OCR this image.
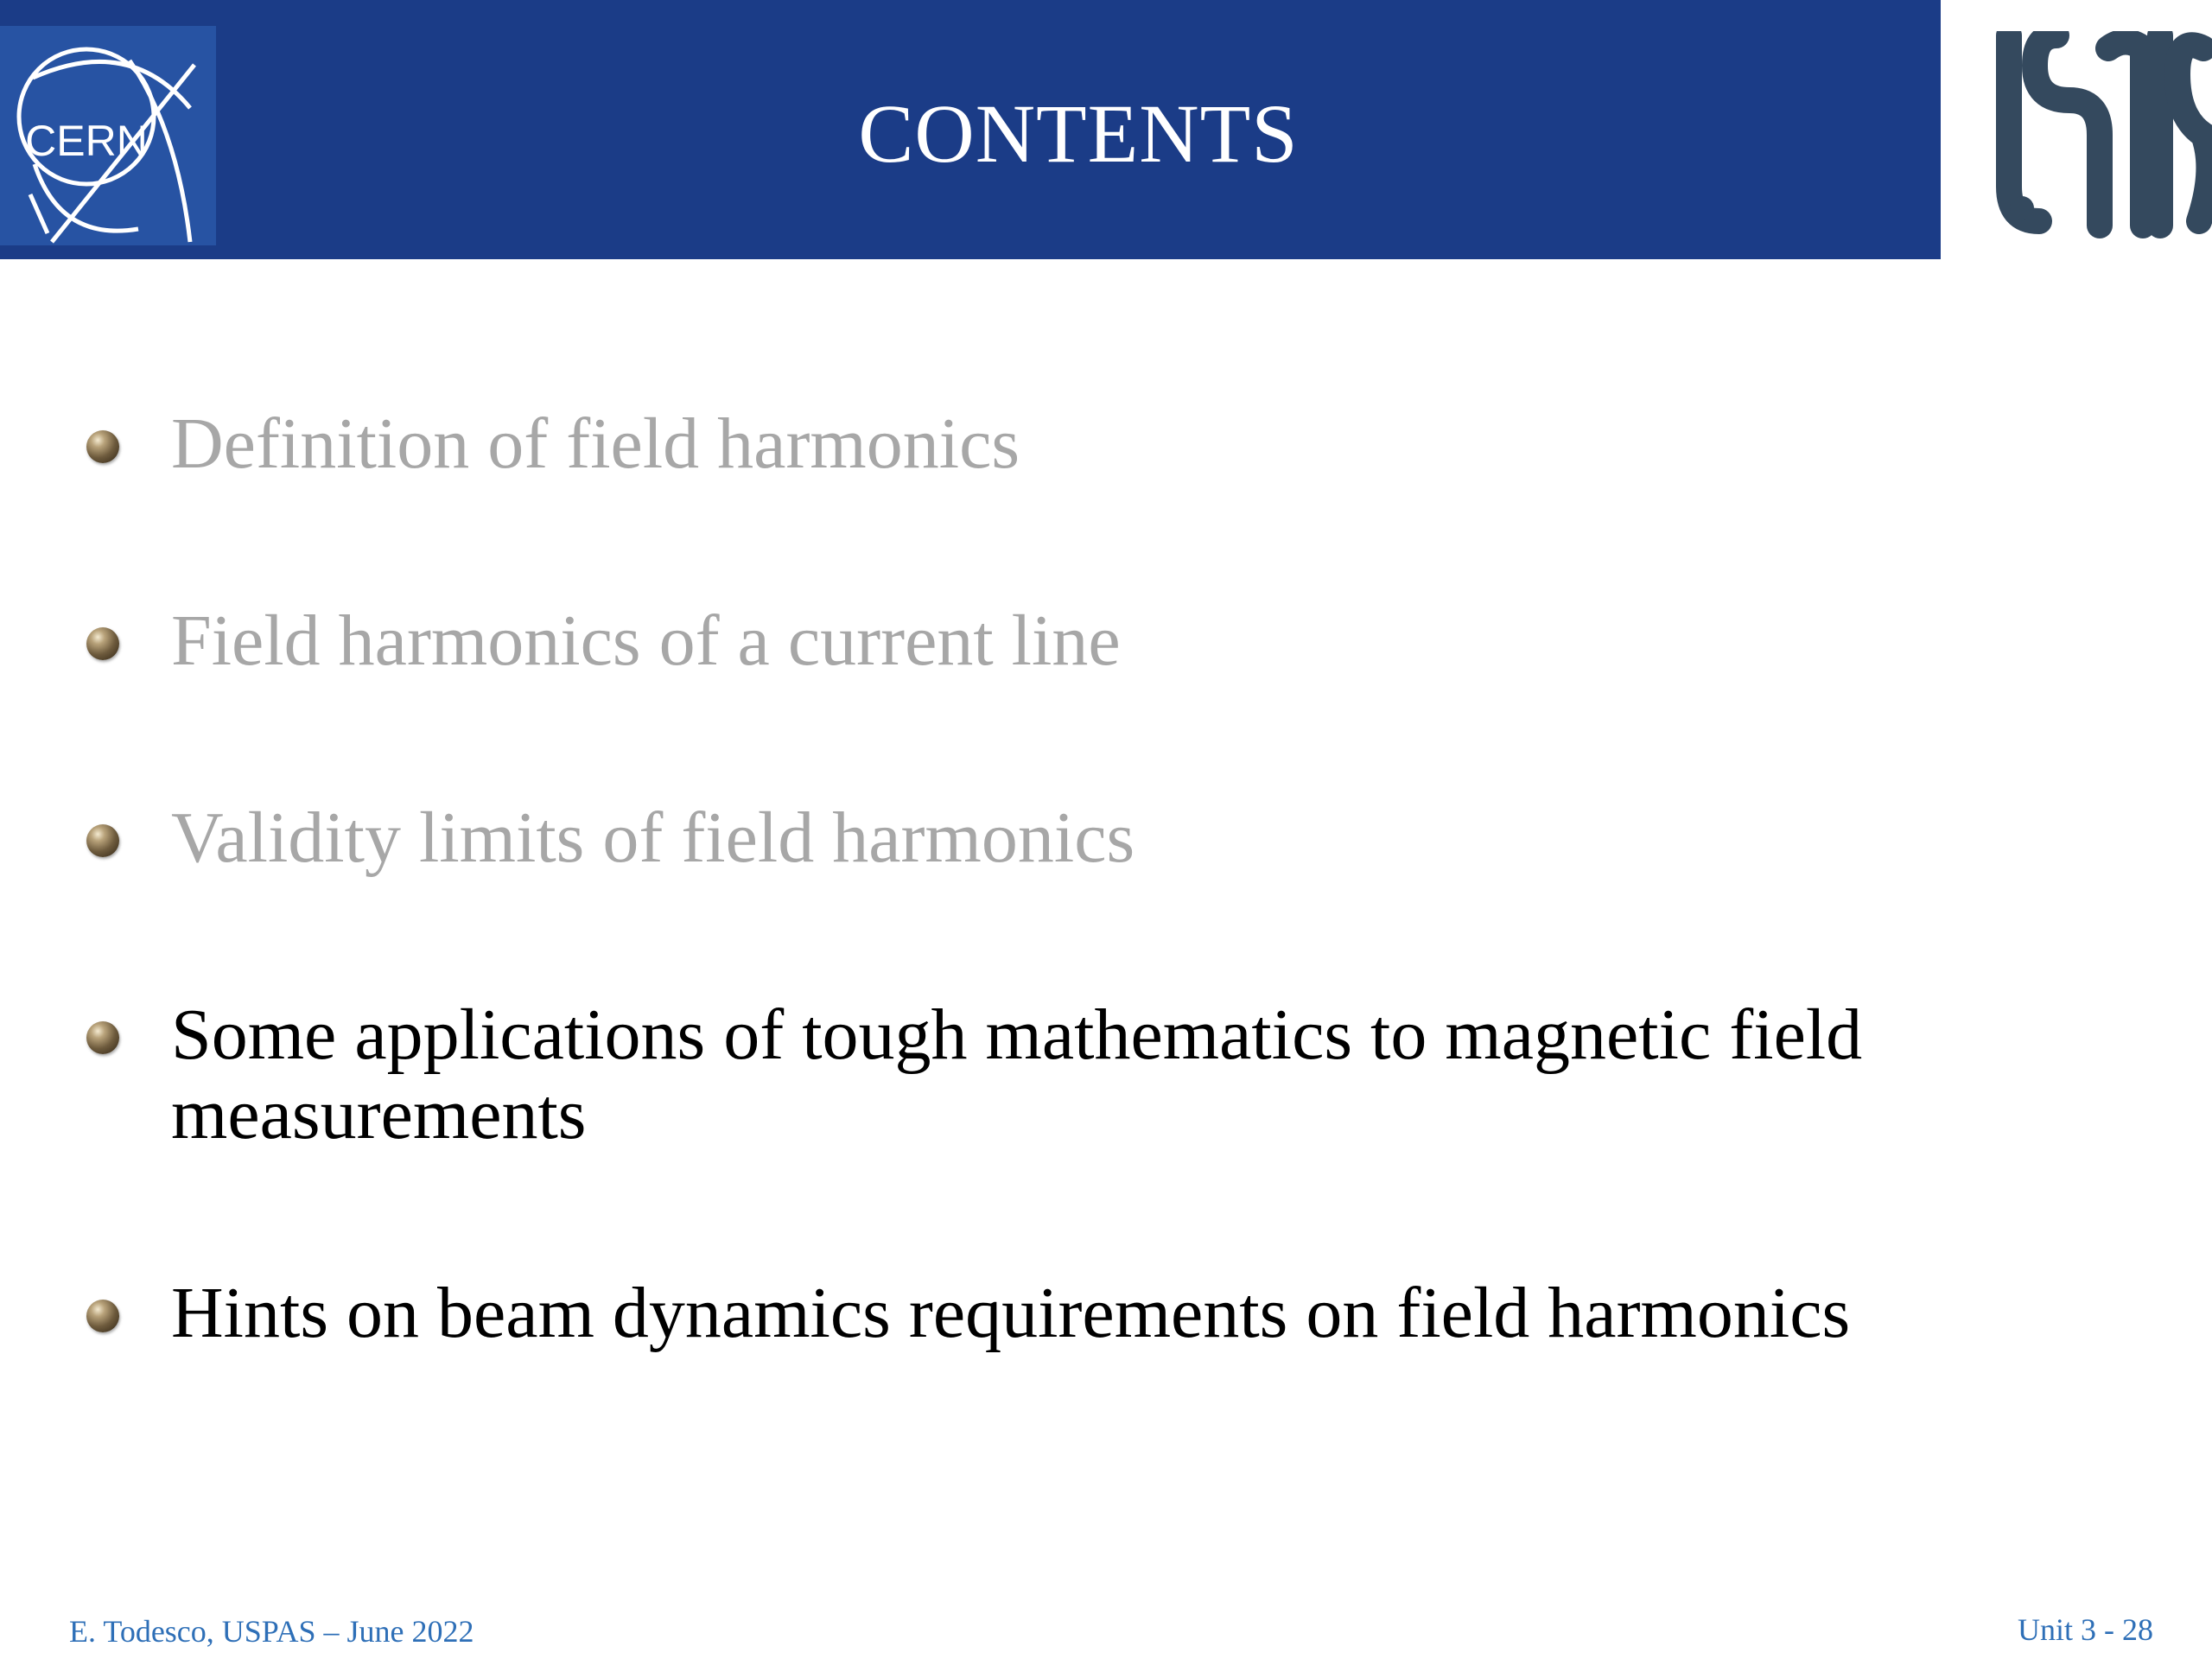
CERN	CONTENTS
Definition of field harmonics
Field harmonics of a current line
Validity limits of field harmonics
Some applications of tough mathematics to magnetic field measurements
Hints on beam dynamics requirements on field harmonics
E. Todesco, USPAS – June 2022	Unit 3 - 28
